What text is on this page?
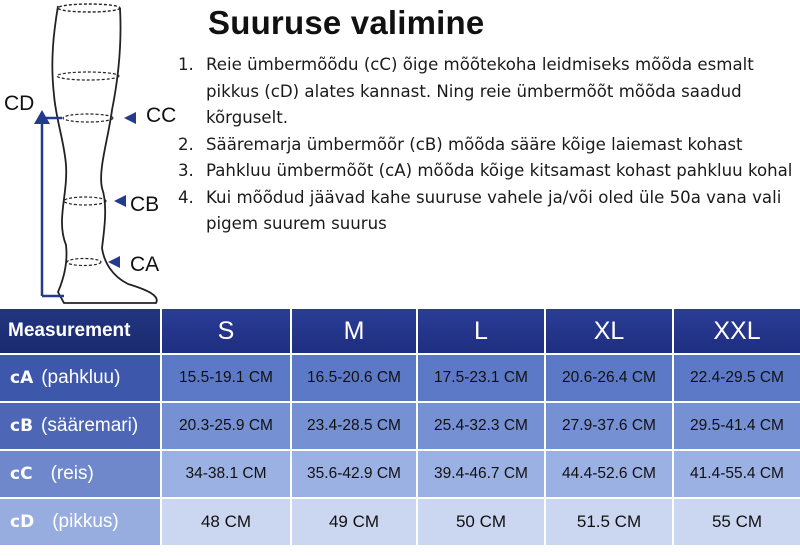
CD
CC
CB
CA
Suuruse valimine
1. Reie ümbermõõdu (cC) õige mõõtekoha leidmiseks mõõda esmalt pikkus (cD) alates kannast. Ning reie ümbermõõt mõõda saadud kõrguselt.
2. Sääremarja ümbermõõr (cB) mõõda sääre kõige laiemast kohast
3. Pahkluu ümbermõõt (cA) mõõda kõige kitsamast kohast pahkluu kohal
4. Kui mõõdud jäävad kahe suuruse vahele ja/või oled üle 50a vana vali pigem suurem suurus
Measurement	S	M	L	XL	XXL
cA (pahkluu)	15.5-19.1 CM	16.5-20.6 CM	17.5-23.1 CM	20.6-26.4 CM	22.4-29.5 CM
cB (sääremari)	20.3-25.9 CM	23.4-28.5 CM	25.4-32.3 CM	27.9-37.6 CM	29.5-41.4 CM
cC (reis)	34-38.1 CM	35.6-42.9 CM	39.4-46.7 CM	44.4-52.6 CM	41.4-55.4 CM
cD (pikkus)	48 CM	49 CM	50 CM	51.5 CM	55 CM
